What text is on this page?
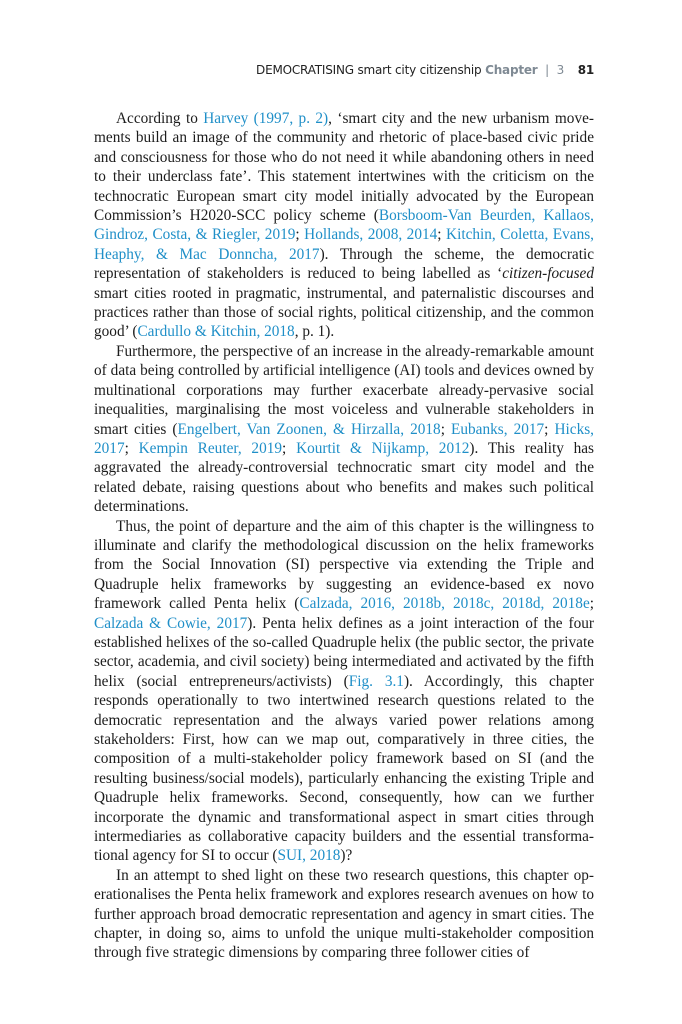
DEMOCRATISING smart city citizenship Chapter | 3 81

According to Harvey (1997, p. 2), ‘smart city and the new urbanism movements build an image of the community and rhetoric of place-based civic pride and consciousness for those who do not need it while abandoning others in need to their underclass fate’. This statement intertwines with the criticism on the technocratic European smart city model initially advocated by the European Commission’s H2020-SCC policy scheme (Borsboom-Van Beurden, Kallaos, Gindroz, Costa, & Riegler, 2019; Hollands, 2008, 2014; Kitchin, Coletta, Evans, Heaphy, & Mac Donncha, 2017). Through the scheme, the democratic representation of stakeholders is reduced to being labelled as ‘citizen-focused smart cities rooted in pragmatic, instrumental, and paternalistic discourses and practices rather than those of social rights, political citizenship, and the common good’ (Cardullo & Kitchin, 2018, p. 1).

Furthermore, the perspective of an increase in the already-remarkable amount of data being controlled by artificial intelligence (AI) tools and devices owned by multinational corporations may further exacerbate already-pervasive social inequalities, marginalising the most voiceless and vulnerable stakeholders in smart cities (Engelbert, Van Zoonen, & Hirzalla, 2018; Eubanks, 2017; Hicks, 2017; Kempin Reuter, 2019; Kourtit & Nijkamp, 2012). This reality has aggravated the already-controversial technocratic smart city model and the related debate, raising questions about who benefits and makes such political determinations.

Thus, the point of departure and the aim of this chapter is the willingness to illuminate and clarify the methodological discussion on the helix frameworks from the Social Innovation (SI) perspective via extending the Triple and Quadruple helix frameworks by suggesting an evidence-based ex novo framework called Penta helix (Calzada, 2016, 2018b, 2018c, 2018d, 2018e; Calzada & Cowie, 2017). Penta helix defines as a joint interaction of the four established helixes of the so-called Quadruple helix (the public sector, the private sector, academia, and civil society) being intermediated and activated by the fifth helix (social entrepreneurs/activists) (Fig. 3.1). Accordingly, this chapter responds operationally to two intertwined research questions related to the democratic representation and the always varied power relations among stakeholders: First, how can we map out, comparatively in three cities, the composition of a multi-stakeholder policy framework based on SI (and the resulting business/social models), particularly enhancing the existing Triple and Quadruple helix frameworks. Second, consequently, how can we further incorporate the dynamic and transformational aspect in smart cities through intermediaries as collaborative capacity builders and the essential transformational agency for SI to occur (SUI, 2018)?

In an attempt to shed light on these two research questions, this chapter operationalises the Penta helix framework and explores research avenues on how to further approach broad democratic representation and agency in smart cities. The chapter, in doing so, aims to unfold the unique multi-stakeholder composition through five strategic dimensions by comparing three follower cities of
